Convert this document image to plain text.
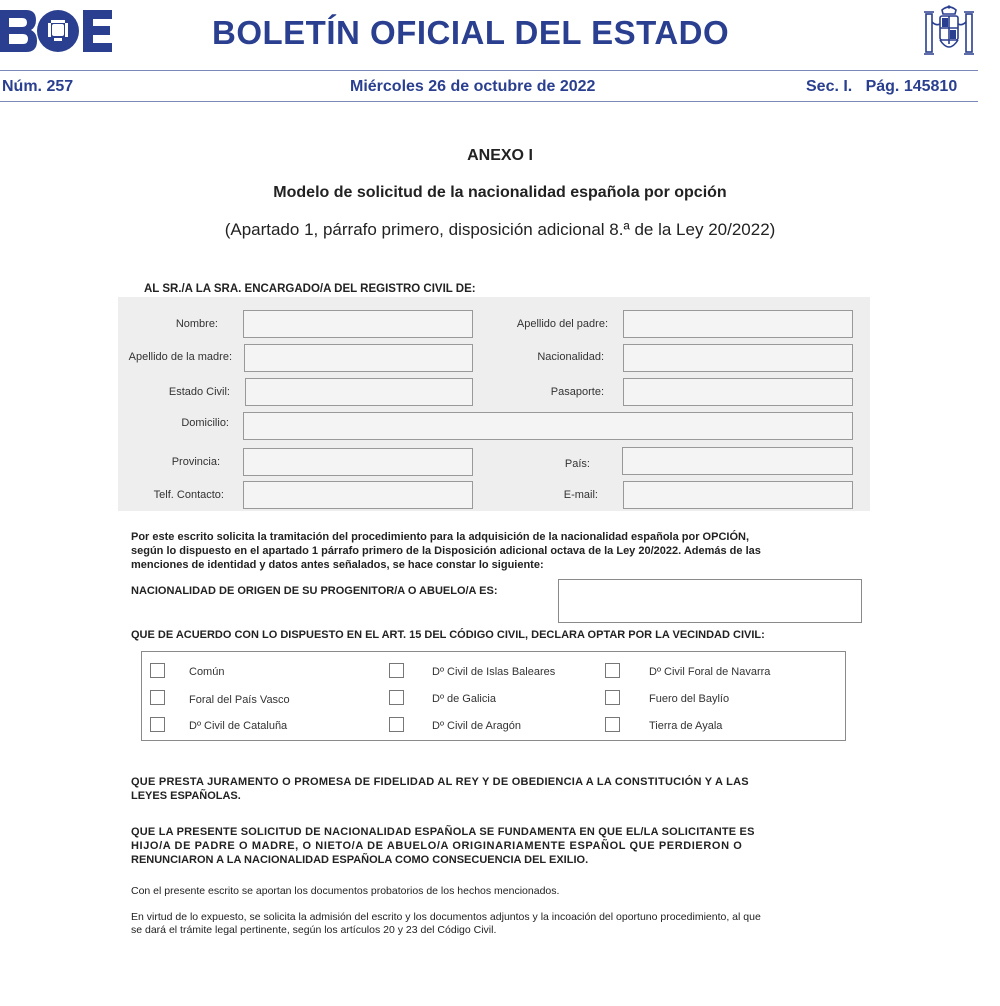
BOLETÍN OFICIAL DEL ESTADO
Núm. 257	Miércoles 26 de octubre de 2022	Sec. I.   Pág. 145810
ANEXO I
Modelo de solicitud de la nacionalidad española por opción
(Apartado 1, párrafo primero, disposición adicional 8.ª de la Ley 20/2022)
AL SR./A LA SRA. ENCARGADO/A DEL REGISTRO CIVIL DE:
Nombre:	Apellido del padre:
Apellido de la madre:	Nacionalidad:
Estado Civil:	Pasaporte:
Domicilio:
Provincia:	País:
Telf. Contacto:	E-mail:
Por este escrito solicita la tramitación del procedimiento para la adquisición de la nacionalidad española por OPCIÓN,
según lo dispuesto en el apartado 1 párrafo primero de la Disposición adicional octava de la Ley 20/2022. Además de las
menciones de identidad y datos antes señalados, se hace constar lo siguiente:
NACIONALIDAD DE ORIGEN DE SU PROGENITOR/A O ABUELO/A ES:
QUE DE ACUERDO CON LO DISPUESTO EN EL ART. 15 DEL CÓDIGO CIVIL, DECLARA OPTAR POR LA VECINDAD CIVIL:
Común	Dº Civil de Islas Baleares	Dº Civil Foral de Navarra
Foral del País Vasco	Dº de Galicia	Fuero del Baylío
Dº Civil de Cataluña	Dº Civil de Aragón	Tierra de Ayala
QUE PRESTA JURAMENTO O PROMESA DE FIDELIDAD AL REY Y DE OBEDIENCIA A LA CONSTITUCIÓN Y A LAS
LEYES ESPAÑOLAS.
QUE LA PRESENTE SOLICITUD DE NACIONALIDAD ESPAÑOLA SE FUNDAMENTA EN QUE EL/LA SOLICITANTE ES
HIJO/A DE PADRE O MADRE, O NIETO/A DE ABUELO/A ORIGINARIAMENTE ESPAÑOL QUE PERDIERON O
RENUNCIARON A LA NACIONALIDAD ESPAÑOLA COMO CONSECUENCIA DEL EXILIO.
Con el presente escrito se aportan los documentos probatorios de los hechos mencionados.
En virtud de lo expuesto, se solicita la admisión del escrito y los documentos adjuntos y la incoación del oportuno procedimiento, al que
se dará el trámite legal pertinente, según los artículos 20 y 23 del Código Civil.
